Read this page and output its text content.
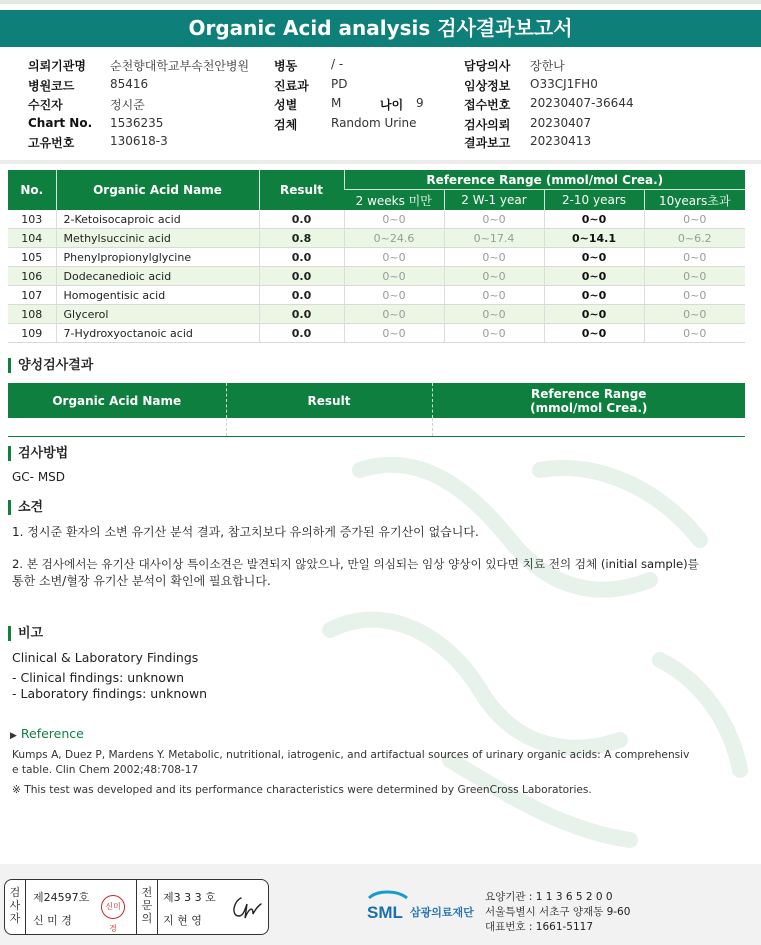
Organic Acid analysis 검사결과보고서
의뢰기관명 순천향대학교부속천안병원
병원코드	85416
수진자	정시준
Chart No. 1536235
고유번호	130618-3
병동	/ -
진료과 PD
성별	M	나이 9
검체	Random Urine
담당의사 장한나
임상정보 O33CJ1FH0
접수번호 20230407-36644
검사의뢰 20230407
결과보고 20230413
No.	Organic Acid Name	Result	Reference Range (mmol/mol Crea.)			
			2 weeks 미만	2 W-1 year	2-10 years	10years초과
103	2-Ketoisocaproic acid	0.0	0~0	0~0	0~0	0~0
104	Methylsuccinic acid	0.8	0~24.6	0~17.4	0~14.1	0~6.2
105	Phenylpropionylglycine	0.0	0~0	0~0	0~0	0~0
106	Dodecanedioic acid	0.0	0~0	0~0	0~0	0~0
107	Homogentisic acid	0.0	0~0	0~0	0~0	0~0
108	Glycerol	0.0	0~0	0~0	0~0	0~0
109	7-Hydroxyoctanoic acid	0.0	0~0	0~0	0~0	0~0
양성검사결과
Organic Acid Name	Result	Reference Range
(mmol/mol Crea.)

검사방법
GC- MSD
소견
1. 정시준 환자의 소변 유기산 분석 결과, 참고치보다 유의하게 증가된 유기산이 없습니다.
2. 본 검사에서는 유기산 대사이상 특이소견은 발견되지 않았으나, 만일 의심되는 임상 양상이 있다면 치료 전의 검체 (initial sample)를
통한 소변/혈장 유기산 분석이 확인에 필요합니다.
비고
Clinical & Laboratory Findings
- Clinical findings: unknown
- Laboratory findings: unknown
▶ Reference
Kumps A, Duez P, Mardens Y. Metabolic, nutritional, iatrogenic, and artifactual sources of urinary organic acids: A comprehensiv
e table. Clin Chem 2002;48:708-17
※ This test was developed and its performance characteristics were determined by GreenCross Laboratories.
검
사
자
제24597호
신 미 경
신미경
전
문
의
제3 3 3 호
지 현 영	SML 삼광의료재단
요양기관 : 1 1 3 6 5 2 0 0
서울특별시 서초구 양재동 9-60
대표번호 : 1661-5117
